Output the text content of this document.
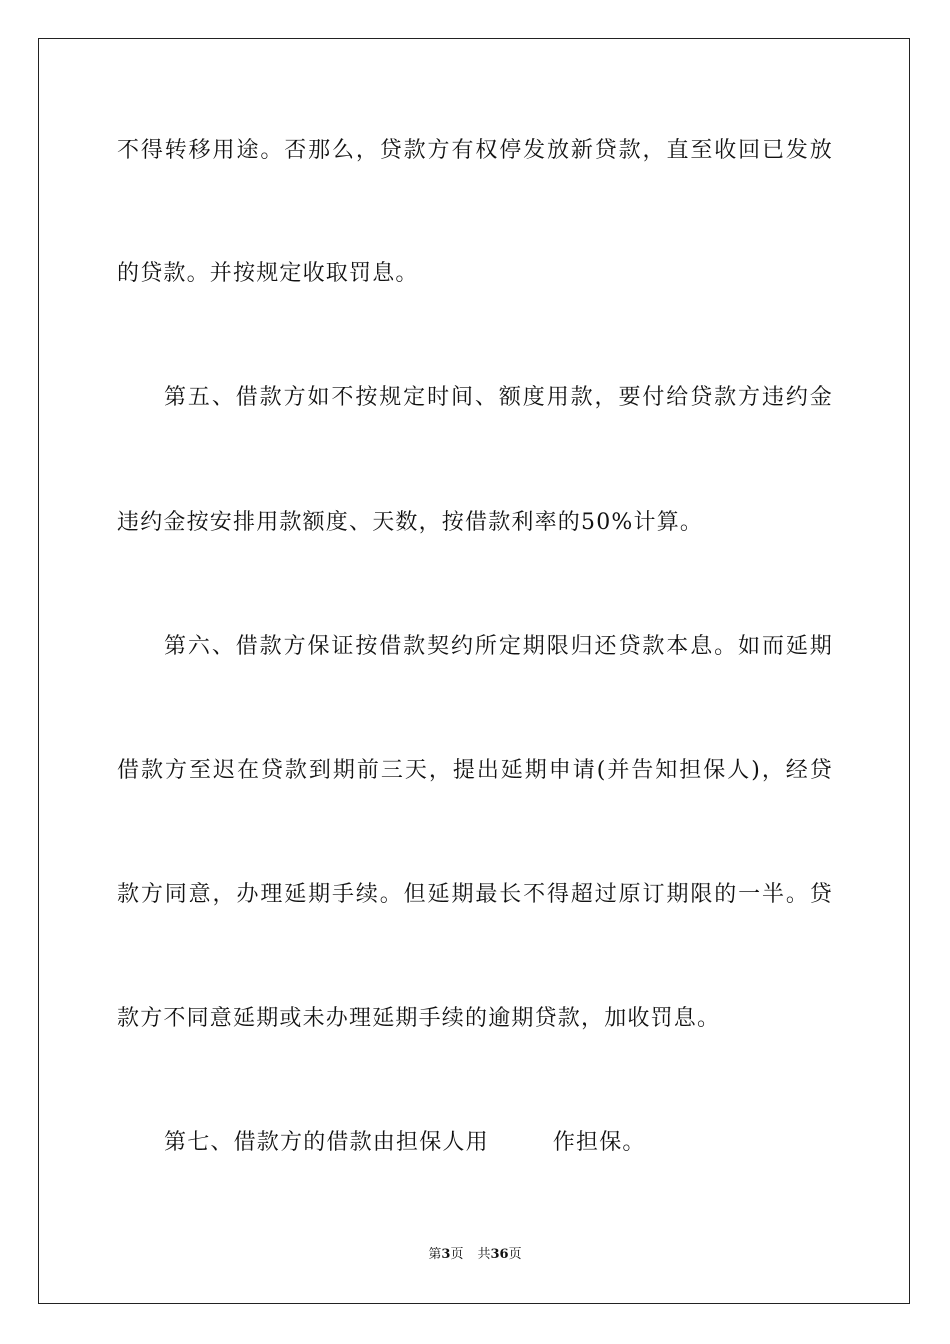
不得转移用途。否那么，贷款方有权停发放新贷款，直至收回已发放
的贷款。并按规定收取罚息。
第五、借款方如不按规定时间、额度用款，要付给贷款方违约金
违约金按安排用款额度、天数，按借款利率的50%计算。
第六、借款方保证按借款契约所定期限归还贷款本息。如而延期
借款方至迟在贷款到期前三天，提出延期申请(并告知担保人)，经贷
款方同意，办理延期手续。但延期最长不得超过原订期限的一半。贷
款方不同意延期或未办理延期手续的逾期贷款，加收罚息。
第七、借款方的借款由担保人用	作担保。
第3页 共36页
